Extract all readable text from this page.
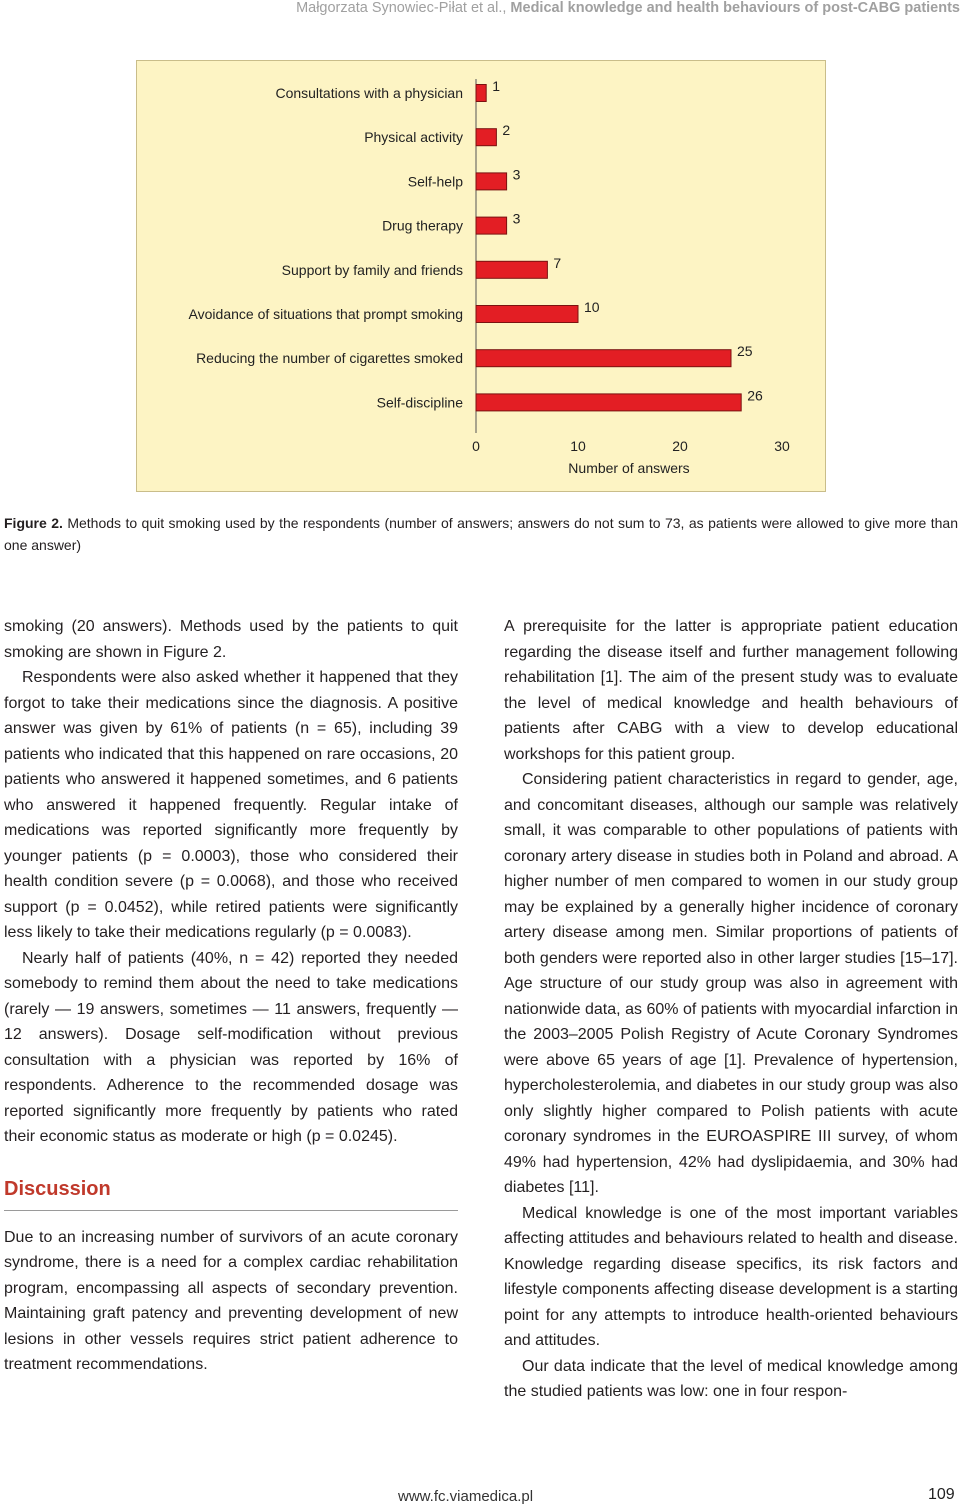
Małgorzata Synowiec-Piłat et al., Medical knowledge and health behaviours of post-CABG patients
Consultations with a physician 1
Physical activity	2
Self-help	3
Drug therapy	3
Support by family and friends	7
Avoidance of situations that prompt smoking	10
Reducing the number of cigarettes smoked	25
Self-discipline	26
0	10	20	30
Number of answers
Figure 2. Methods to quit smoking used by the respondents (number of answers; answers do not sum to 73, as patients were allowed to give more than one answer)

smoking (20 answers). Methods used by the patients to quit smoking are shown in Figure 2.

Respondents were also asked whether it happened that they forgot to take their medications since the diagnosis. A positive answer was given by 61% of patients (n = 65), including 39 patients who indicated that this happened on rare occasions, 20 patients who answered it happened sometimes, and 6 patients who answered it happened frequently. Regular intake of medications was reported significantly more frequently by younger patients (p = 0.0003), those who considered their health condition severe (p = 0.0068), and those who received support (p = 0.0452), while retired patients were significantly less likely to take their medications regularly (p = 0.0083).

Nearly half of patients (40%, n = 42) reported they needed somebody to remind them about the need to take medications (rarely — 19 answers, sometimes — 11 answers, frequently — 12 answers). Dosage self-modification without previous consultation with a physician was reported by 16% of respondents. Adherence to the recommended dosage was reported significantly more frequently by patients who rated their economic status as moderate or high (p = 0.0245).

Discussion

Due to an increasing number of survivors of an acute coronary syndrome, there is a need for a complex cardiac rehabilitation program, encompassing all aspects of secondary prevention. Maintaining graft patency and preventing development of new lesions in other vessels requires strict patient adherence to treatment recommendations.

A prerequisite for the latter is appropriate patient education regarding the disease itself and further management following rehabilitation [1]. The aim of the present study was to evaluate the level of medical knowledge and health behaviours of patients after CABG with a view to develop educational workshops for this patient group.

Considering patient characteristics in regard to gender, age, and concomitant diseases, although our sample was relatively small, it was comparable to other populations of patients with coronary artery disease in studies both in Poland and abroad. A higher number of men compared to women in our study group may be explained by a generally higher incidence of coronary artery disease among men. Similar proportions of patients of both genders were reported also in other larger studies [15–17]. Age structure of our study group was also in agreement with nationwide data, as 60% of patients with myocardial infarction in the 2003–2005 Polish Registry of Acute Coronary Syndromes were above 65 years of age [1]. Prevalence of hypertension, hypercholesterolemia, and diabetes in our study group was also only slightly higher compared to Polish patients with acute coronary syndromes in the EUROASPIRE III survey, of whom 49% had hypertension, 42% had dyslipidaemia, and 30% had diabetes [11].

Medical knowledge is one of the most important variables affecting attitudes and behaviours related to health and disease. Knowledge regarding disease specifics, its risk factors and lifestyle components affecting disease development is a starting point for any attempts to introduce health-oriented behaviours and attitudes.

Our data indicate that the level of medical knowledge among the studied patients was low: one in four respon-

www.fc.viamedica.pl	109
